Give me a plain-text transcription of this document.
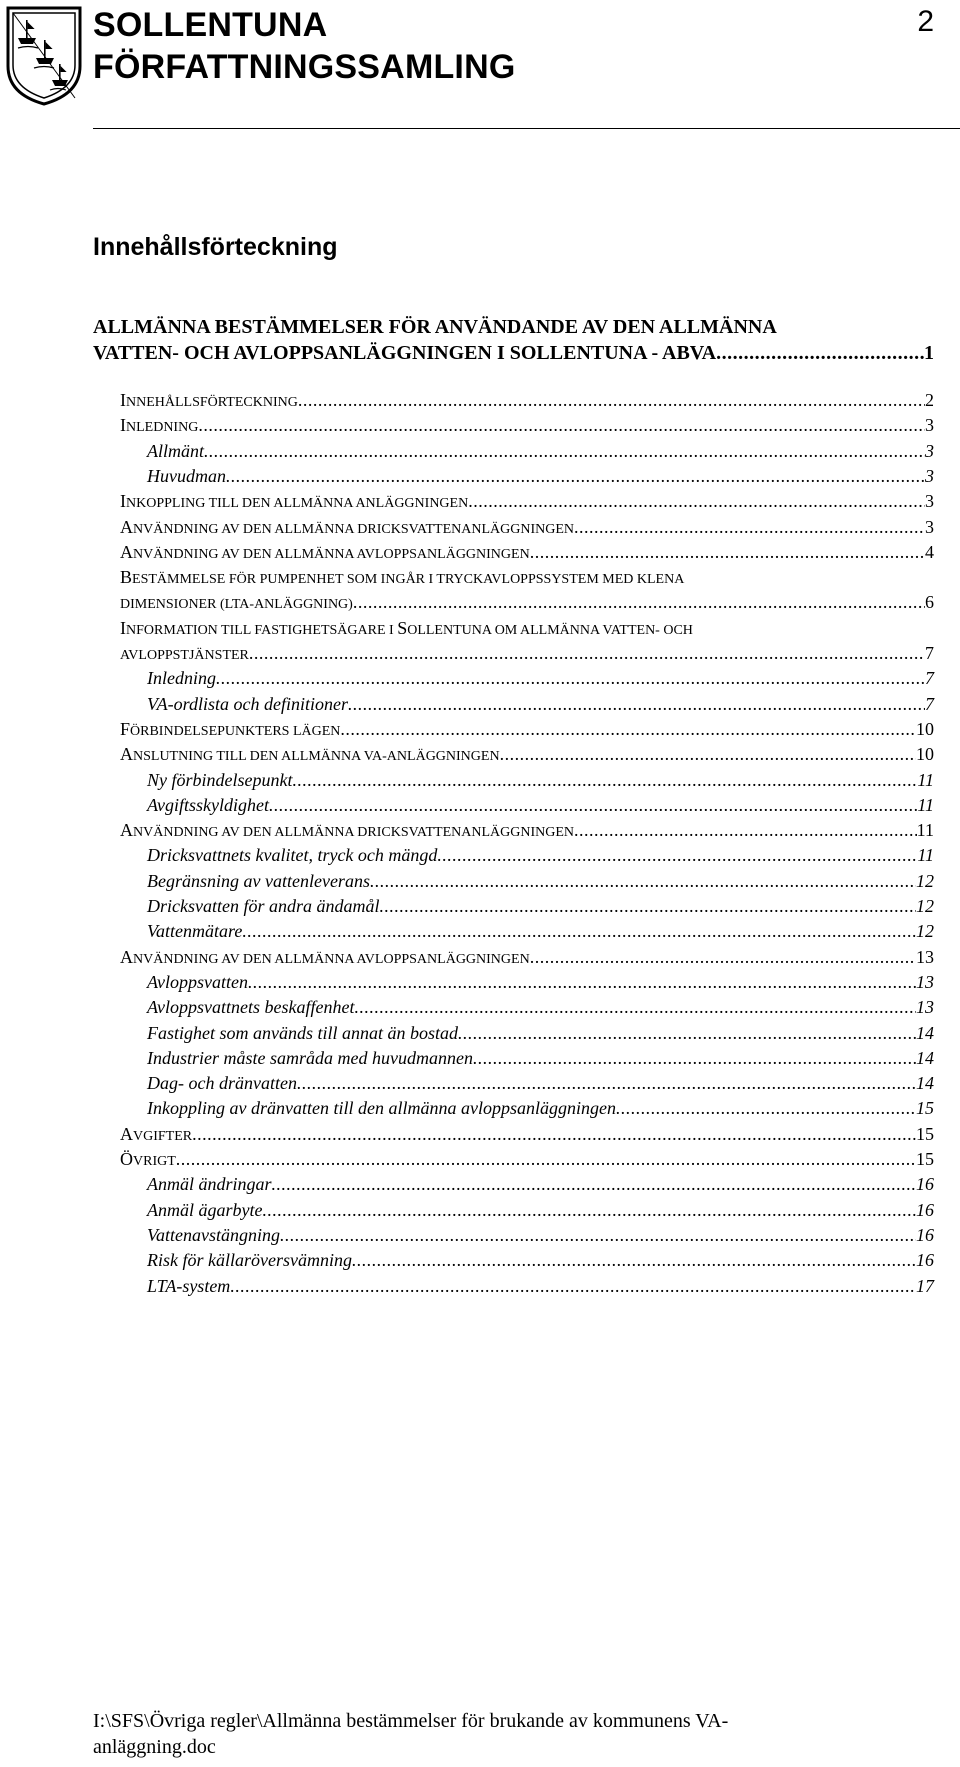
SOLLENTUNA
FÖRFATTNINGSSAMLING
2
Innehållsförteckning
ALLMÄNNA BESTÄMMELSER FÖR ANVÄNDANDE AV DEN ALLMÄNNA
VATTEN- OCH AVLOPPSANLÄGGNINGEN I SOLLENTUNA - ABVA .....	1
INNEHÅLLSFÖRTECKNING .....	2
INLEDNING .....	3
Allmänt .....	3
Huvudman .....	3
INKOPPLING TILL DEN ALLMÄNNA ANLÄGGNINGEN .....	3
ANVÄNDNING AV DEN ALLMÄNNA DRICKSVATTENANLÄGGNINGEN .....	3
ANVÄNDNING AV DEN ALLMÄNNA AVLOPPSANLÄGGNINGEN .....	4
BESTÄMMELSE FÖR PUMPENHET SOM INGÅR I TRYCKAVLOPPSSYSTEM MED KLENA
DIMENSIONER (LTA-ANLÄGGNING) .....	6
INFORMATION TILL FASTIGHETSÄGARE I SOLLENTUNA OM ALLMÄNNA VATTEN- OCH
AVLOPPSTJÄNSTER .....	7
Inledning .....	7
VA-ordlista och definitioner .....	7
FÖRBINDELSEPUNKTERS LÄGEN .....	10
ANSLUTNING TILL DEN ALLMÄNNA VA-ANLÄGGNINGEN .....	10
Ny förbindelsepunkt .....	11
Avgiftsskyldighet .....	11
ANVÄNDNING AV DEN ALLMÄNNA DRICKSVATTENANLÄGGNINGEN .....	11
Dricksvattnets kvalitet, tryck och mängd .....	11
Begränsning av vattenleverans .....	12
Dricksvatten för andra ändamål .....	12
Vattenmätare .....	12
ANVÄNDNING AV DEN ALLMÄNNA AVLOPPSANLÄGGNINGEN .....	13
Avloppsvatten .....	13
Avloppsvattnets beskaffenhet .....	13
Fastighet som används till annat än bostad .....	14
Industrier måste samråda med huvudmannen .....	14
Dag- och dränvatten .....	14
Inkoppling av dränvatten till den allmänna avloppsanläggningen .....	15
AVGIFTER .....	15
ÖVRIGT .....	15
Anmäl ändringar .....	16
Anmäl ägarbyte .....	16
Vattenavstängning .....	16
Risk för källaröversvämning .....	16
LTA-system .....	17
I:\SFS\Övriga regler\Allmänna bestämmelser för brukande av kommunens VA-
anläggning.doc
